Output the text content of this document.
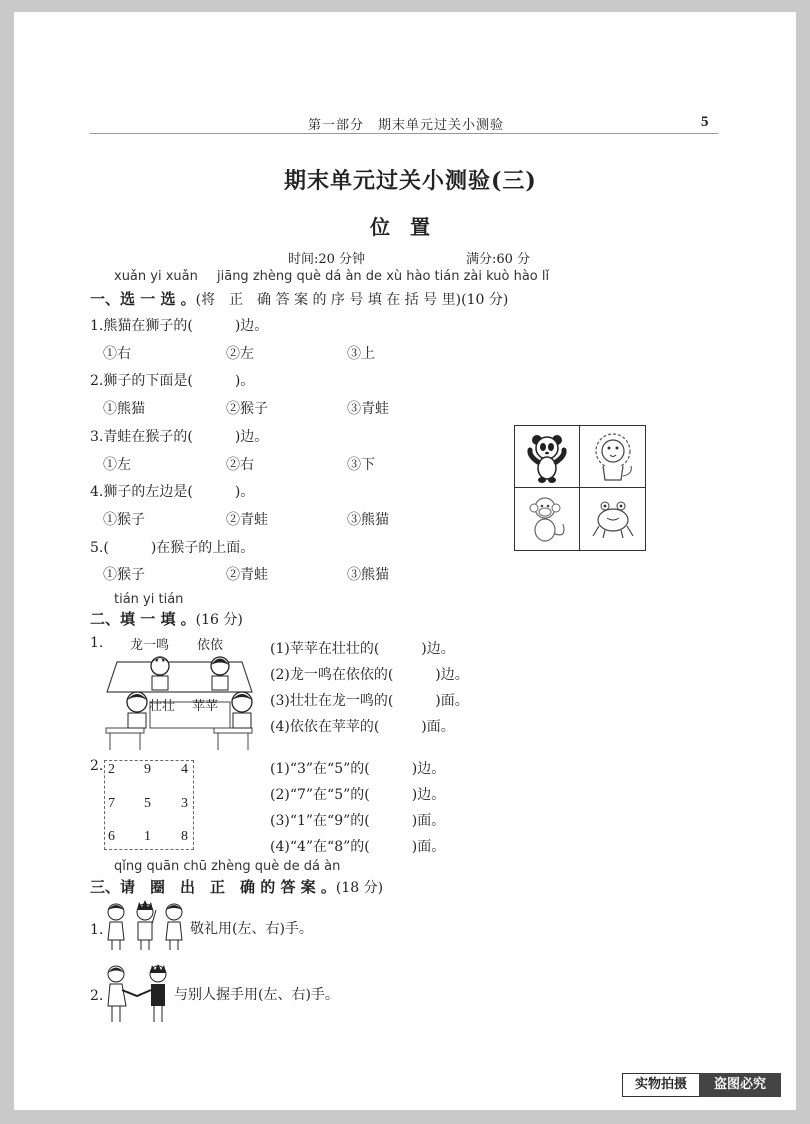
第一部分　期末单元过关小测验	5
期末单元过关小测验(三)
位　置
时间:20 分钟	满分:60 分
xuǎn yi xuǎn jiāng zhèng què dá àn de xù hào tián zài kuò hào lǐ
一、选 一 选 。(将　正　确 答 案 的 序 号 填 在 括 号 里)(10 分)
1.熊猫在狮子的(　　　)边。
①右	②左	③上
2.狮子的下面是(　　　)。
①熊猫	②猴子	③青蛙
3.青蛙在猴子的(　　　)边。
①左	②右	③下
4.狮子的左边是(　　　)。
①猴子	②青蛙	③熊猫
5.(　　　)在猴子的上面。
①猴子	②青蛙	③熊猫
tián yi tián
二、填 一 填 。(16 分)
1. 龙一鸣 依依
壮壮 苹苹
(1)苹苹在壮壮的(　　　)边。
(2)龙一鸣在依依的(　　　)边。
(3)壮壮在龙一鸣的(　　　)面。
(4)依依在苹苹的(　　　)面。
2. 2 9 4
7 5 3
6 1 8
(1)“3”在“5”的(　　　)边。
(2)“7”在“5”的(　　　)边。
(3)“1”在“9”的(　　　)面。
(4)“4”在“8”的(　　　)面。
qǐng quān chū zhèng què de dá àn
三、请　圈　出　正　确 的 答 案 。(18 分)
1.	敬礼用(左、右)手。
2.	与别人握手用(左、右)手。
实物拍摄	盗图必究
